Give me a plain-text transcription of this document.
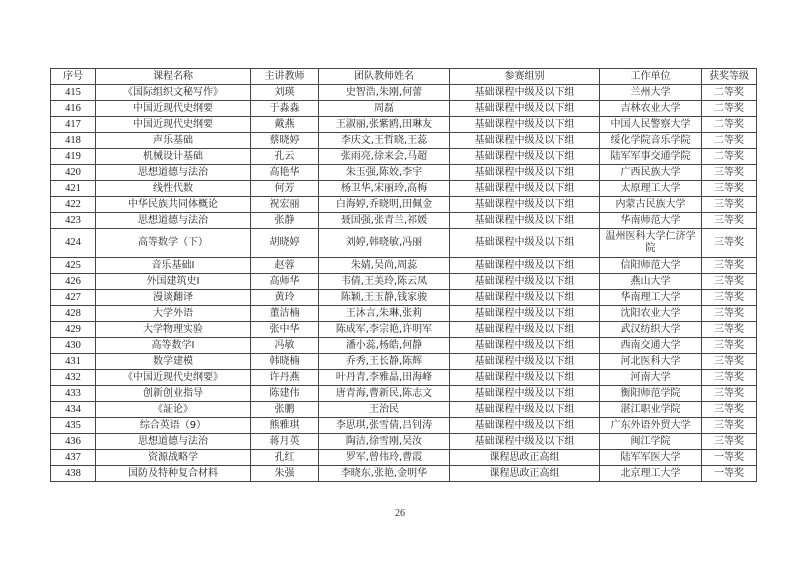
序号	课程名称	主讲教师	团队教师姓名	参赛组别	工作单位	获奖等级
415	《国际组织文秘写作》	刘瑛	史智浩,朱刚,何蕾	基础课程中级及以下组	兰州大学	二等奖
416	中国近现代史纲要	于淼淼	周磊	基础课程中级及以下组	吉林农业大学	二等奖
417	中国近现代史纲要	戴燕	王淑丽,张紫鸥,田琳友	基础课程中级及以下组	中国人民警察大学	二等奖
418	声乐基础	蔡晓婷	李庆文,王哲晓,王蕊	基础课程中级及以下组	绥化学院音乐学院	二等奖
419	机械设计基础	孔云	张雨亮,徐来会,马超	基础课程中级及以下组	陆军军事交通学院	二等奖
420	思想道德与法治	高艳华	朱玉强,陈姣,李宇	基础课程中级及以下组	广西民族大学	三等奖
421	线性代数	何芳	杨卫华,宋丽玲,高梅	基础课程中级及以下组	太原理工大学	三等奖
422	中华民族共同体概论	祝宏丽	白海婷,乔晓明,田佩金	基础课程中级及以下组	内蒙古民族大学	三等奖
423	思想道德与法治	张静	聂国强,张青兰,祁媛	基础课程中级及以下组	华南师范大学	三等奖
424	高等数学（下）	胡晓婷	刘婷,韩晓敏,冯丽	基础课程中级及以下组	温州医科大学仁济学院	三等奖
425	音乐基础Ⅰ	赵蓉	朱婧,吴尚,周蕊	基础课程中级及以下组	信阳师范大学	三等奖
426	外国建筑史Ⅰ	高师华	韦倩,王美玲,陈云凤	基础课程中级及以下组	燕山大学	三等奖
427	漫谈翻译	黄玲	陈颖,王玉静,钱家骏	基础课程中级及以下组	华南理工大学	三等奖
428	大学外语	董洁楠	王沐言,朱琳,张莉	基础课程中级及以下组	沈阳农业大学	三等奖
429	大学物理实验	张中华	陈成军,李宗艳,许明军	基础课程中级及以下组	武汉纺织大学	三等奖
430	高等数学Ⅰ	冯敏	潘小蕊,杨皓,何静	基础课程中级及以下组	西南交通大学	三等奖
431	数学建模	韩晓楠	乔秀,王长静,陈辉	基础课程中级及以下组	河北医科大学	三等奖
432	《中国近现代史纲要》	许丹燕	叶丹青,李雅晶,田海峰	基础课程中级及以下组	河南大学	三等奖
433	创新创业指导	陈建伟	唐青海,曹新民,陈志文	基础课程中级及以下组	衡阳师范学院	三等奖
434	《証论》	张鹏	王治民	基础课程中级及以下组	湛江职业学院	三等奖
435	综合英语（9）	熊雅琪	李思琪,张雪倩,吕钊涛	基础课程中级及以下组	广东外语外贸大学	三等奖
436	思想道德与法治	蒋月英	陶洁,徐雪刚,吴汝	基础课程中级及以下组	闽江学院	三等奖
437	资源战略学	孔红	罗军,曾伟玲,曹霞	课程思政正高组	陆军军医大学	一等奖
438	国防及特种复合材料	朱强	李晓东,张艳,金明华	课程思政正高组	北京理工大学	一等奖
26
